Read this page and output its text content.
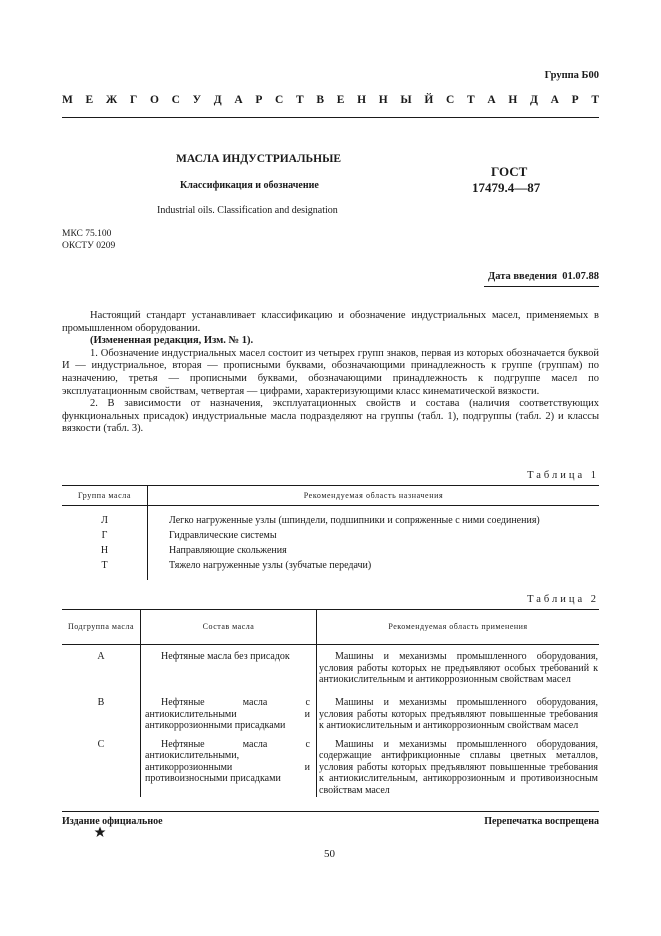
Группа Б00
М Е Ж Г О С У Д А Р С Т В Е Н Н Ы Й С Т А Н Д А Р Т
МАСЛА ИНДУСТРИАЛЬНЫЕ
Классификация и обозначение
Industrial oils. Classification and designation
ГОСТ
17479.4—87
МКС 75.100
ОКСТУ 0209
Дата введения 01.07.88

Настоящий стандарт устанавливает классификацию и обозначение индустриальных масел, применяемых в промышленном оборудовании.

(Измененная редакция, Изм. № 1).

1. Обозначение индустриальных масел состоит из четырех групп знаков, первая из которых обозначается буквой И — индустриальное, вторая — прописными буквами, обозначающими принадлежность к группе (группам) по назначению, третья — прописными буквами, обозначающими принадлежность к подгруппе масел по эксплуатационным свойствам, четвертая — цифрами, характеризующими класс кинематической вязкости.

2. В зависимости от назначения, эксплуатационных свойств и состава (наличия соответствующих функциональных присадок) индустриальные масла подразделяют на группы (табл. 1), подгруппы (табл. 2) и классы вязкости (табл. 3).

Таблица 1
Группа масла	Рекомендуемая область назначения
Л	Легко нагруженные узлы (шпиндели, подшипники и сопряженные с ними соединения)
Г	Гидравлические системы
Н	Направляющие скольжения
Т	Тяжело нагруженные узлы (зубчатые передачи)
Таблица 2
Подгруппа масла	Состав масла	Рекомендуемая область применения
А	Нефтяные масла без присадок	Машины и механизмы промышленного оборудования, условия работы которых не предъявляют особых требований к антиокислительным и антикоррозионным свойствам масел

В	Нефтяные масла с антиокислительными и антикоррозионными присадками	Машины и механизмы промышленного оборудования, условия работы которых предъявляют повышенные требования к антиокислительным и антикоррозионным свойствам масел

С	Нефтяные масла с антиокислительными, антикоррозионными и противоизносными присадками	Машины и механизмы промышленного оборудования, содержащие антифрикционные сплавы цветных металлов, условия работы которых предъявляют повышенные требования к антиокислительным, антикоррозионным и противоизносным свойствам масел
Издание официальное	Перепечатка воспрещена
50
